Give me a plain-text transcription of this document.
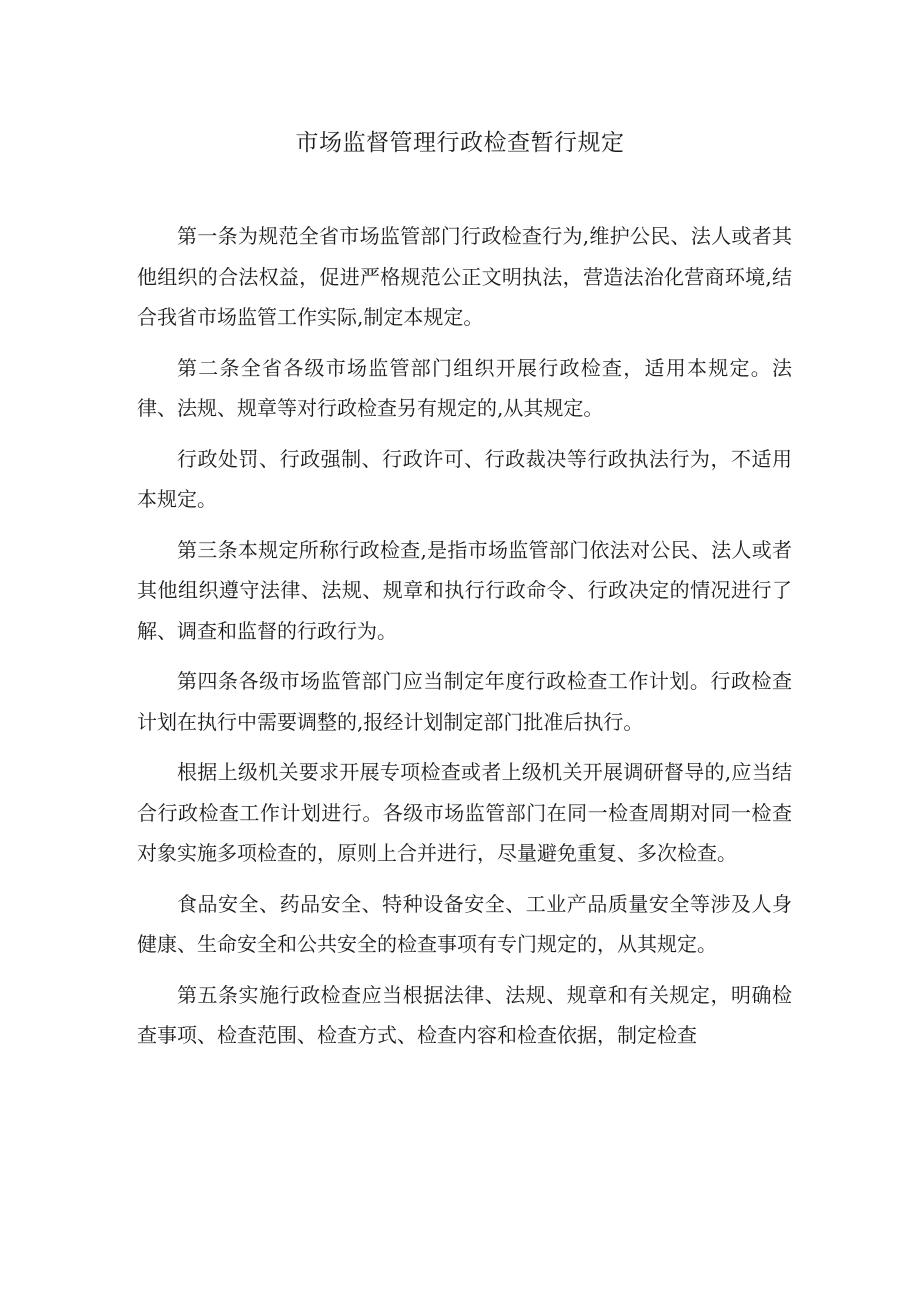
市场监督管理行政检查暂行规定

第一条为规范全省市场监管部门行政检查行为,维护公民、法人或者其他组织的合法权益，促进严格规范公正文明执法，营造法治化营商环境,结合我省市场监管工作实际,制定本规定。

第二条全省各级市场监管部门组织开展行政检查，适用本规定。法律、法规、规章等对行政检查另有规定的,从其规定。

行政处罚、行政强制、行政许可、行政裁决等行政执法行为，不适用本规定。

第三条本规定所称行政检查,是指市场监管部门依法对公民、法人或者其他组织遵守法律、法规、规章和执行行政命令、行政决定的情况进行了解、调查和监督的行政行为。

第四条各级市场监管部门应当制定年度行政检查工作计划。行政检查计划在执行中需要调整的,报经计划制定部门批准后执行。

根据上级机关要求开展专项检查或者上级机关开展调研督导的,应当结合行政检查工作计划进行。各级市场监管部门在同一检查周期对同一检查对象实施多项检查的，原则上合并进行，尽量避免重复、多次检查。

食品安全、药品安全、特种设备安全、工业产品质量安全等涉及人身健康、生命安全和公共安全的检查事项有专门规定的，从其规定。

第五条实施行政检查应当根据法律、法规、规章和有关规定，明确检查事项、检查范围、检查方式、检查内容和检查依据，制定检查
